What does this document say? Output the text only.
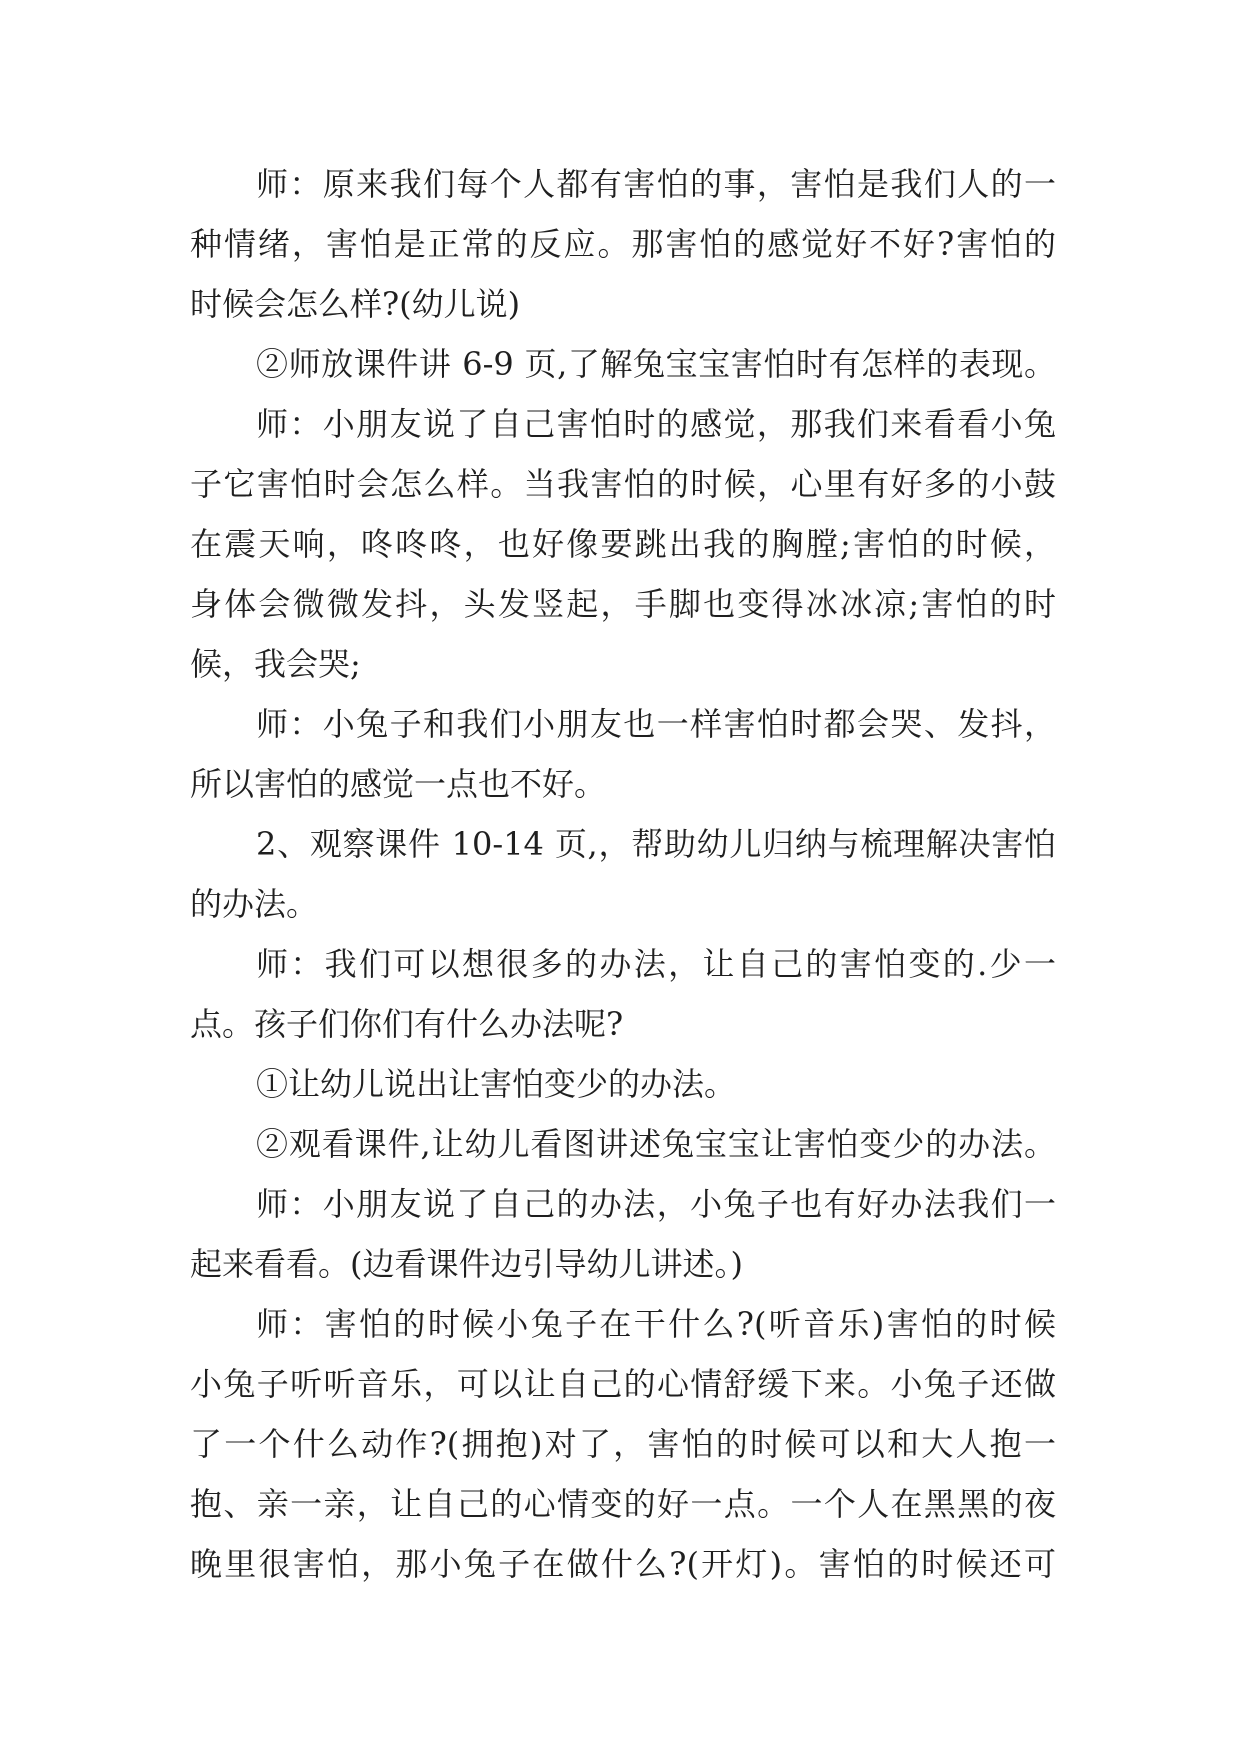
师：原来我们每个人都有害怕的事，害怕是我们人的一
种情绪，害怕是正常的反应。那害怕的感觉好不好?害怕的
时候会怎么样?(幼儿说)
②师放课件讲 6-9 页,了解兔宝宝害怕时有怎样的表现。
师：小朋友说了自己害怕时的感觉，那我们来看看小兔
子它害怕时会怎么样。当我害怕的时候，心里有好多的小鼓
在震天响，咚咚咚，也好像要跳出我的胸膛;害怕的时候，
身体会微微发抖，头发竖起，手脚也变得冰冰凉;害怕的时
候，我会哭;
师：小兔子和我们小朋友也一样害怕时都会哭、发抖，
所以害怕的感觉一点也不好。
2、观察课件 10-14 页,，帮助幼儿归纳与梳理解决害怕
的办法。
师：我们可以想很多的办法，让自己的害怕变的.少一
点。孩子们你们有什么办法呢?
①让幼儿说出让害怕变少的办法。
②观看课件,让幼儿看图讲述兔宝宝让害怕变少的办法。
师：小朋友说了自己的办法，小兔子也有好办法我们一
起来看看。(边看课件边引导幼儿讲述。)
师：害怕的时候小兔子在干什么?(听音乐)害怕的时候
小兔子听听音乐，可以让自己的心情舒缓下来。小兔子还做
了一个什么动作?(拥抱)对了，害怕的时候可以和大人抱一
抱、亲一亲，让自己的心情变的好一点。一个人在黑黑的夜
晚里很害怕，那小兔子在做什么?(开灯)。害怕的时候还可
